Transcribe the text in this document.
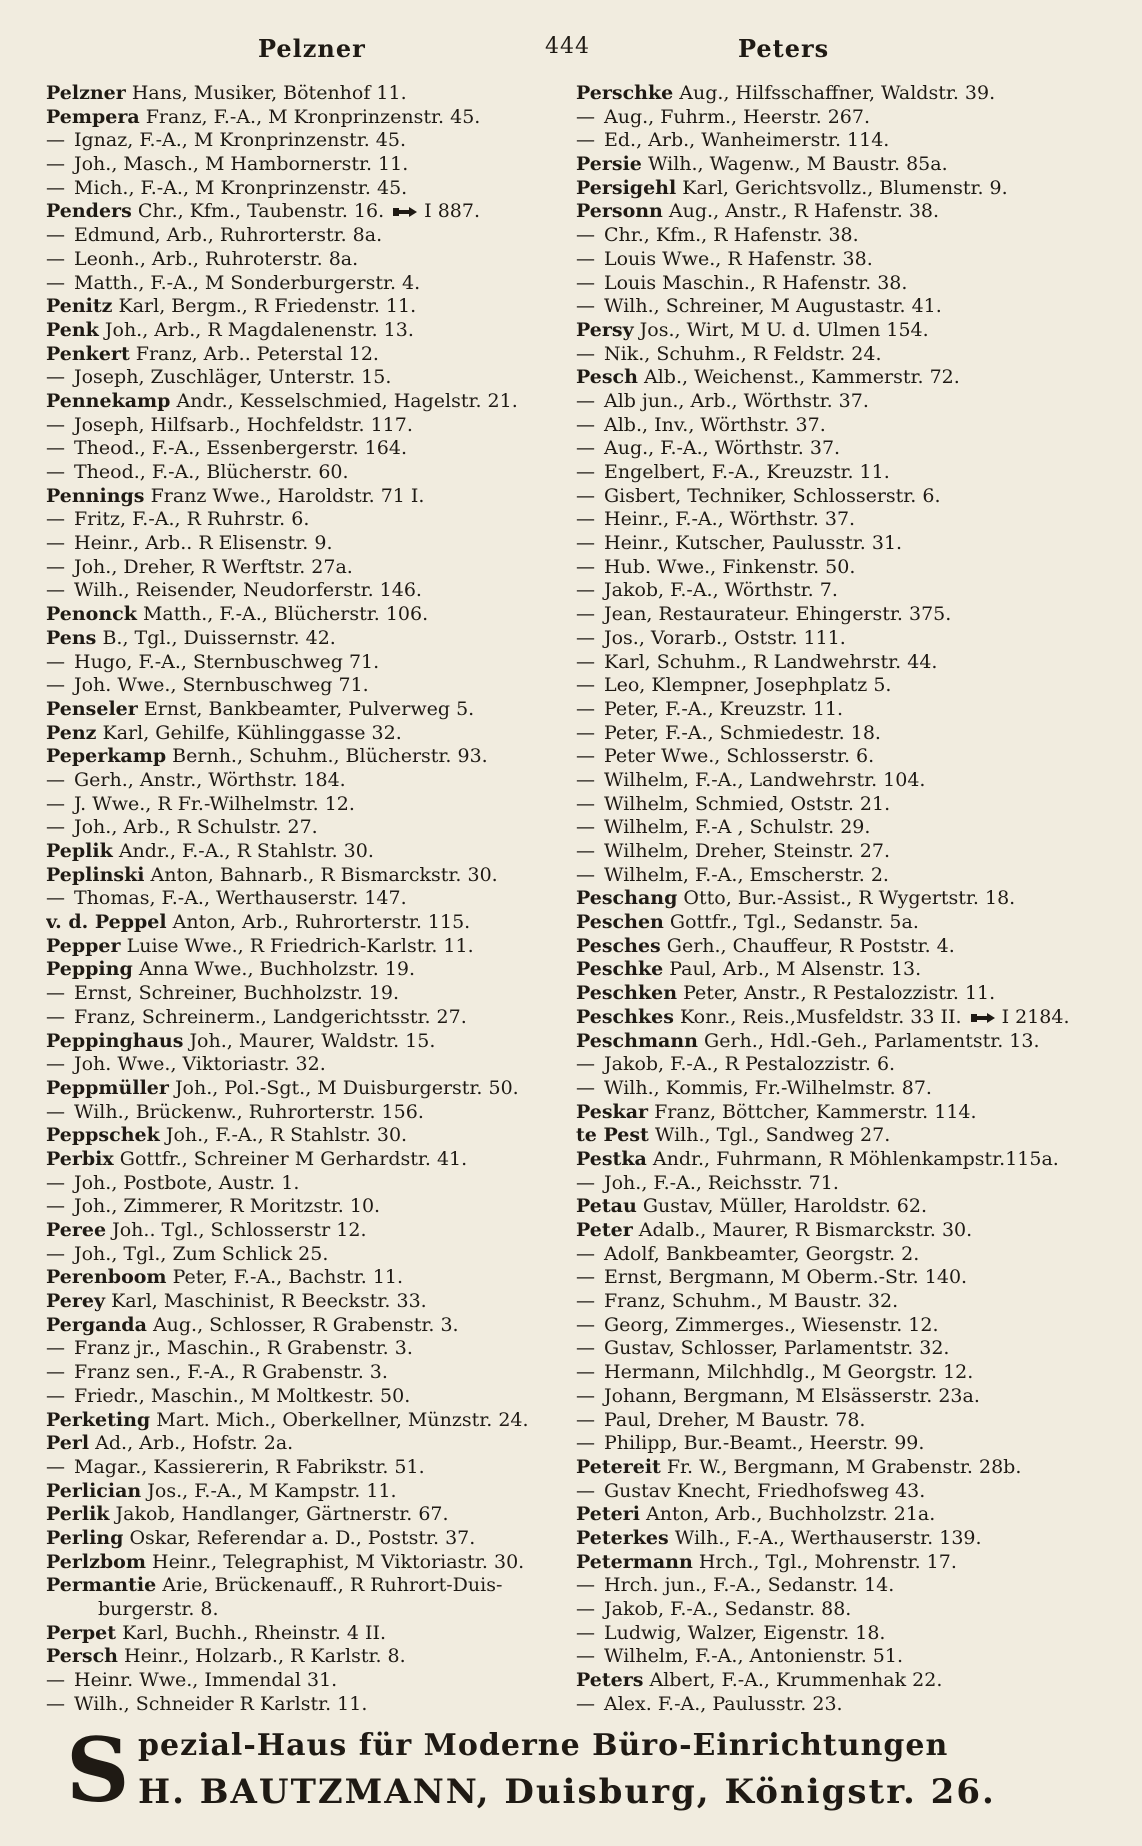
Pelzner	444	Peters
Pelzner Hans, Musiker, Bötenhof 11.
Pempera Franz, F.-A., M Kronprinzenstr. 45.
— Ignaz, F.-A., M Kronprinzenstr. 45.
— Joh., Masch., M Hambornerstr. 11.
— Mich., F.-A., M Kronprinzenstr. 45.
Penders Chr., Kfm., Taubenstr. 16. I 887.
— Edmund, Arb., Ruhrorterstr. 8a.
— Leonh., Arb., Ruhroterstr. 8a.
— Matth., F.-A., M Sonderburgerstr. 4.
Penitz Karl, Bergm., R Friedenstr. 11.
Penk Joh., Arb., R Magdalenenstr. 13.
Penkert Franz, Arb.. Peterstal 12.
— Joseph, Zuschläger, Unterstr. 15.
Pennekamp Andr., Kesselschmied, Hagelstr. 21.
— Joseph, Hilfsarb., Hochfeldstr. 117.
— Theod., F.-A., Essenbergerstr. 164.
— Theod., F.-A., Blücherstr. 60.
Pennings Franz Wwe., Haroldstr. 71 I.
— Fritz, F.-A., R Ruhrstr. 6.
— Heinr., Arb.. R Elisenstr. 9.
— Joh., Dreher, R Werftstr. 27a.
— Wilh., Reisender, Neudorferstr. 146.
Penonck Matth., F.-A., Blücherstr. 106.
Pens B., Tgl., Duissernstr. 42.
— Hugo, F.-A., Sternbuschweg 71.
— Joh. Wwe., Sternbuschweg 71.
Penseler Ernst, Bankbeamter, Pulverweg 5.
Penz Karl, Gehilfe, Kühlinggasse 32.
Peperkamp Bernh., Schuhm., Blücherstr. 93.
— Gerh., Anstr., Wörthstr. 184.
— J. Wwe., R Fr.-Wilhelmstr. 12.
— Joh., Arb., R Schulstr. 27.
Peplik Andr., F.-A., R Stahlstr. 30.
Peplinski Anton, Bahnarb., R Bismarckstr. 30.
— Thomas, F.-A., Werthauserstr. 147.
v. d. Peppel Anton, Arb., Ruhrorterstr. 115.
Pepper Luise Wwe., R Friedrich-Karlstr. 11.
Pepping Anna Wwe., Buchholzstr. 19.
— Ernst, Schreiner, Buchholzstr. 19.
— Franz, Schreinerm., Landgerichtsstr. 27.
Peppinghaus Joh., Maurer, Waldstr. 15.
— Joh. Wwe., Viktoriastr. 32.
Peppmüller Joh., Pol.-Sgt., M Duisburgerstr. 50.
— Wilh., Brückenw., Ruhrorterstr. 156.
Peppschek Joh., F.-A., R Stahlstr. 30.
Perbix Gottfr., Schreiner M Gerhardstr. 41.
— Joh., Postbote, Austr. 1.
— Joh., Zimmerer, R Moritzstr. 10.
Peree Joh.. Tgl., Schlosserstr 12.
— Joh., Tgl., Zum Schlick 25.
Perenboom Peter, F.-A., Bachstr. 11.
Perey Karl, Maschinist, R Beeckstr. 33.
Perganda Aug., Schlosser, R Grabenstr. 3.
— Franz jr., Maschin., R Grabenstr. 3.
— Franz sen., F.-A., R Grabenstr. 3.
— Friedr., Maschin., M Moltkestr. 50.
Perketing Mart. Mich., Oberkellner, Münzstr. 24.
Perl Ad., Arb., Hofstr. 2a.
— Magar., Kassiererin, R Fabrikstr. 51.
Perlician Jos., F.-A., M Kampstr. 11.
Perlik Jakob, Handlanger, Gärtnerstr. 67.
Perling Oskar, Referendar a. D., Poststr. 37.
Perlzbom Heinr., Telegraphist, M Viktoriastr. 30.
Permantie Arie, Brückenauff., R Ruhrort-Duis-
burgerstr. 8.
Perpet Karl, Buchh., Rheinstr. 4 II.
Persch Heinr., Holzarb., R Karlstr. 8.
— Heinr. Wwe., Immendal 31.
— Wilh., Schneider R Karlstr. 11.
Perschke Aug., Hilfsschaffner, Waldstr. 39.
— Aug., Fuhrm., Heerstr. 267.
— Ed., Arb., Wanheimerstr. 114.
Persie Wilh., Wagenw., M Baustr. 85a.
Persigehl Karl, Gerichtsvollz., Blumenstr. 9.
Personn Aug., Anstr., R Hafenstr. 38.
— Chr., Kfm., R Hafenstr. 38.
— Louis Wwe., R Hafenstr. 38.
— Louis Maschin., R Hafenstr. 38.
— Wilh., Schreiner, M Augustastr. 41.
Persy Jos., Wirt, M U. d. Ulmen 154.
— Nik., Schuhm., R Feldstr. 24.
Pesch Alb., Weichenst., Kammerstr. 72.
— Alb jun., Arb., Wörthstr. 37.
— Alb., Inv., Wörthstr. 37.
— Aug., F.-A., Wörthstr. 37.
— Engelbert, F.-A., Kreuzstr. 11.
— Gisbert, Techniker, Schlosserstr. 6.
— Heinr., F.-A., Wörthstr. 37.
— Heinr., Kutscher, Paulusstr. 31.
— Hub. Wwe., Finkenstr. 50.
— Jakob, F.-A., Wörthstr. 7.
— Jean, Restaurateur. Ehingerstr. 375.
— Jos., Vorarb., Oststr. 111.
— Karl, Schuhm., R Landwehrstr. 44.
— Leo, Klempner, Josephplatz 5.
— Peter, F.-A., Kreuzstr. 11.
— Peter, F.-A., Schmiedestr. 18.
— Peter Wwe., Schlosserstr. 6.
— Wilhelm, F.-A., Landwehrstr. 104.
— Wilhelm, Schmied, Oststr. 21.
— Wilhelm, F.-A , Schulstr. 29.
— Wilhelm, Dreher, Steinstr. 27.
— Wilhelm, F.-A., Emscherstr. 2.
Peschang Otto, Bur.-Assist., R Wygertstr. 18.
Peschen Gottfr., Tgl., Sedanstr. 5a.
Pesches Gerh., Chauffeur, R Poststr. 4.
Peschke Paul, Arb., M Alsenstr. 13.
Peschken Peter, Anstr., R Pestalozzistr. 11.
Peschkes Konr., Reis.,Musfeldstr. 33 II. I 2184.
Peschmann Gerh., Hdl.-Geh., Parlamentstr. 13.
— Jakob, F.-A., R Pestalozzistr. 6.
— Wilh., Kommis, Fr.-Wilhelmstr. 87.
Peskar Franz, Böttcher, Kammerstr. 114.
te Pest Wilh., Tgl., Sandweg 27.
Pestka Andr., Fuhrmann, R Möhlenkampstr.115a.
— Joh., F.-A., Reichsstr. 71.
Petau Gustav, Müller, Haroldstr. 62.
Peter Adalb., Maurer, R Bismarckstr. 30.
— Adolf, Bankbeamter, Georgstr. 2.
— Ernst, Bergmann, M Oberm.-Str. 140.
— Franz, Schuhm., M Baustr. 32.
— Georg, Zimmerges., Wiesenstr. 12.
— Gustav, Schlosser, Parlamentstr. 32.
— Hermann, Milchhdlg., M Georgstr. 12.
— Johann, Bergmann, M Elsässerstr. 23a.
— Paul, Dreher, M Baustr. 78.
— Philipp, Bur.-Beamt., Heerstr. 99.
Petereit Fr. W., Bergmann, M Grabenstr. 28b.
— Gustav Knecht, Friedhofsweg 43.
Peteri Anton, Arb., Buchholzstr. 21a.
Peterkes Wilh., F.-A., Werthauserstr. 139.
Petermann Hrch., Tgl., Mohrenstr. 17.
— Hrch. jun., F.-A., Sedanstr. 14.
— Jakob, F.-A., Sedanstr. 88.
— Ludwig, Walzer, Eigenstr. 18.
— Wilhelm, F.-A., Antonienstr. 51.
Peters Albert, F.-A., Krummenhak 22.
— Alex. F.-A., Paulusstr. 23.
S pezial-Haus für Moderne Büro-Einrichtungen
H. BAUTZMANN, Duisburg, Königstr. 26.
